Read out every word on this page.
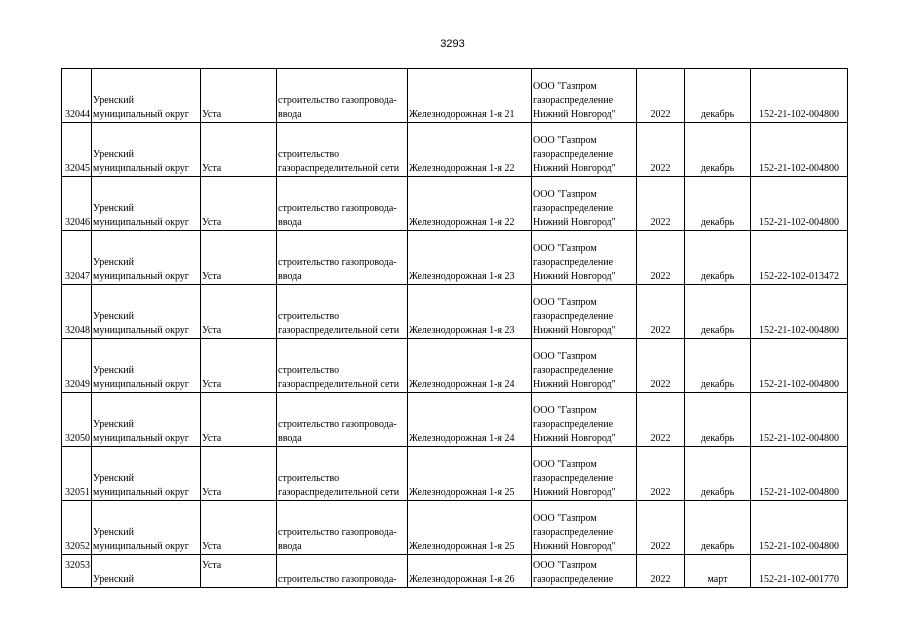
3293
32044	Уренский
муниципальный округ	Уста	строительство газопровода-
ввода	Железнодорожная 1-я 21	ООО "Газпром
газораспределение
Нижний Новгород"	2022	декабрь	152-21-102-004800
32045	Уренский
муниципальный округ	Уста	строительство
газораспределительной сети	Железнодорожная 1-я 22	ООО "Газпром
газораспределение
Нижний Новгород"	2022	декабрь	152-21-102-004800
32046	Уренский
муниципальный округ	Уста	строительство газопровода-
ввода	Железнодорожная 1-я 22	ООО "Газпром
газораспределение
Нижний Новгород"	2022	декабрь	152-21-102-004800
32047	Уренский
муниципальный округ	Уста	строительство газопровода-
ввода	Железнодорожная 1-я 23	ООО "Газпром
газораспределение
Нижний Новгород"	2022	декабрь	152-22-102-013472
32048	Уренский
муниципальный округ	Уста	строительство
газораспределительной сети	Железнодорожная 1-я 23	ООО "Газпром
газораспределение
Нижний Новгород"	2022	декабрь	152-21-102-004800
32049	Уренский
муниципальный округ	Уста	строительство
газораспределительной сети	Железнодорожная 1-я 24	ООО "Газпром
газораспределение
Нижний Новгород"	2022	декабрь	152-21-102-004800
32050	Уренский
муниципальный округ	Уста	строительство газопровода-
ввода	Железнодорожная 1-я 24	ООО "Газпром
газораспределение
Нижний Новгород"	2022	декабрь	152-21-102-004800
32051	Уренский
муниципальный округ	Уста	строительство
газораспределительной сети	Железнодорожная 1-я 25	ООО "Газпром
газораспределение
Нижний Новгород"	2022	декабрь	152-21-102-004800
32052	Уренский
муниципальный округ	Уста	строительство газопровода-
ввода	Железнодорожная 1-я 25	ООО "Газпром
газораспределение
Нижний Новгород"	2022	декабрь	152-21-102-004800
32053	Уренский	Уста	строительство газопровода-	Железнодорожная 1-я 26	ООО "Газпром
газораспределение	2022	март	152-21-102-001770
